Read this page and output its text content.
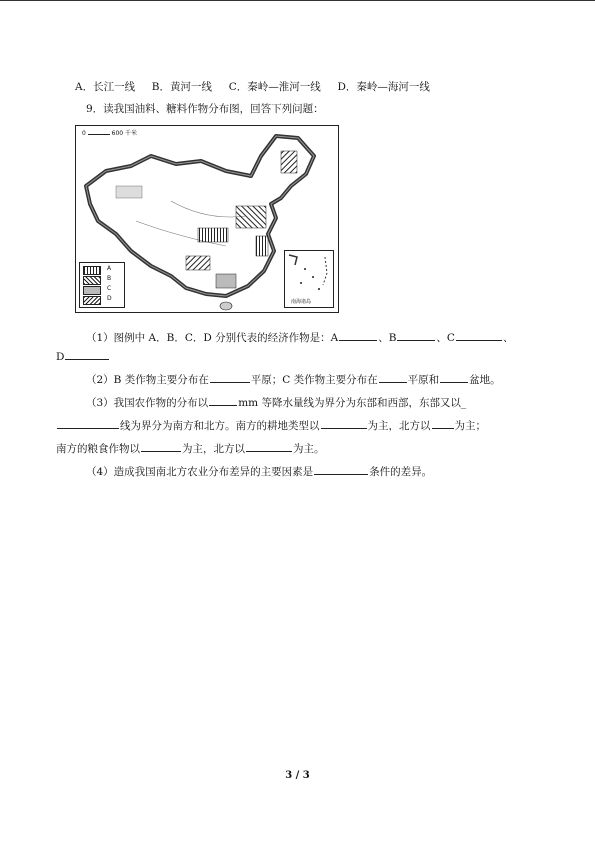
A．长江一线 B．黄河一线 C．秦岭—淮河一线 D．秦岭—海河一线
9．读我国油料、糖料作物分布图，回答下列问题：
0	600 千米
A
B
C
D	南海诸岛
（1）图例中 A．B．C．D 分别代表的经济作物是：A	、B	、C	、
D
（2）B 类作物主要分布在	平原；C 类作物主要分布在	平原和	盆地。
（3）我国农作物的分布以	mm 等降水量线为界分为东部和西部，东部又以_
线为界分为南方和北方。南方的耕地类型以	为主，北方以 为主；
南方的粮食作物以	为主，北方以	为主。
（4）造成我国南北方农业分布差异的主要因素是	条件的差异。
3 / 3
